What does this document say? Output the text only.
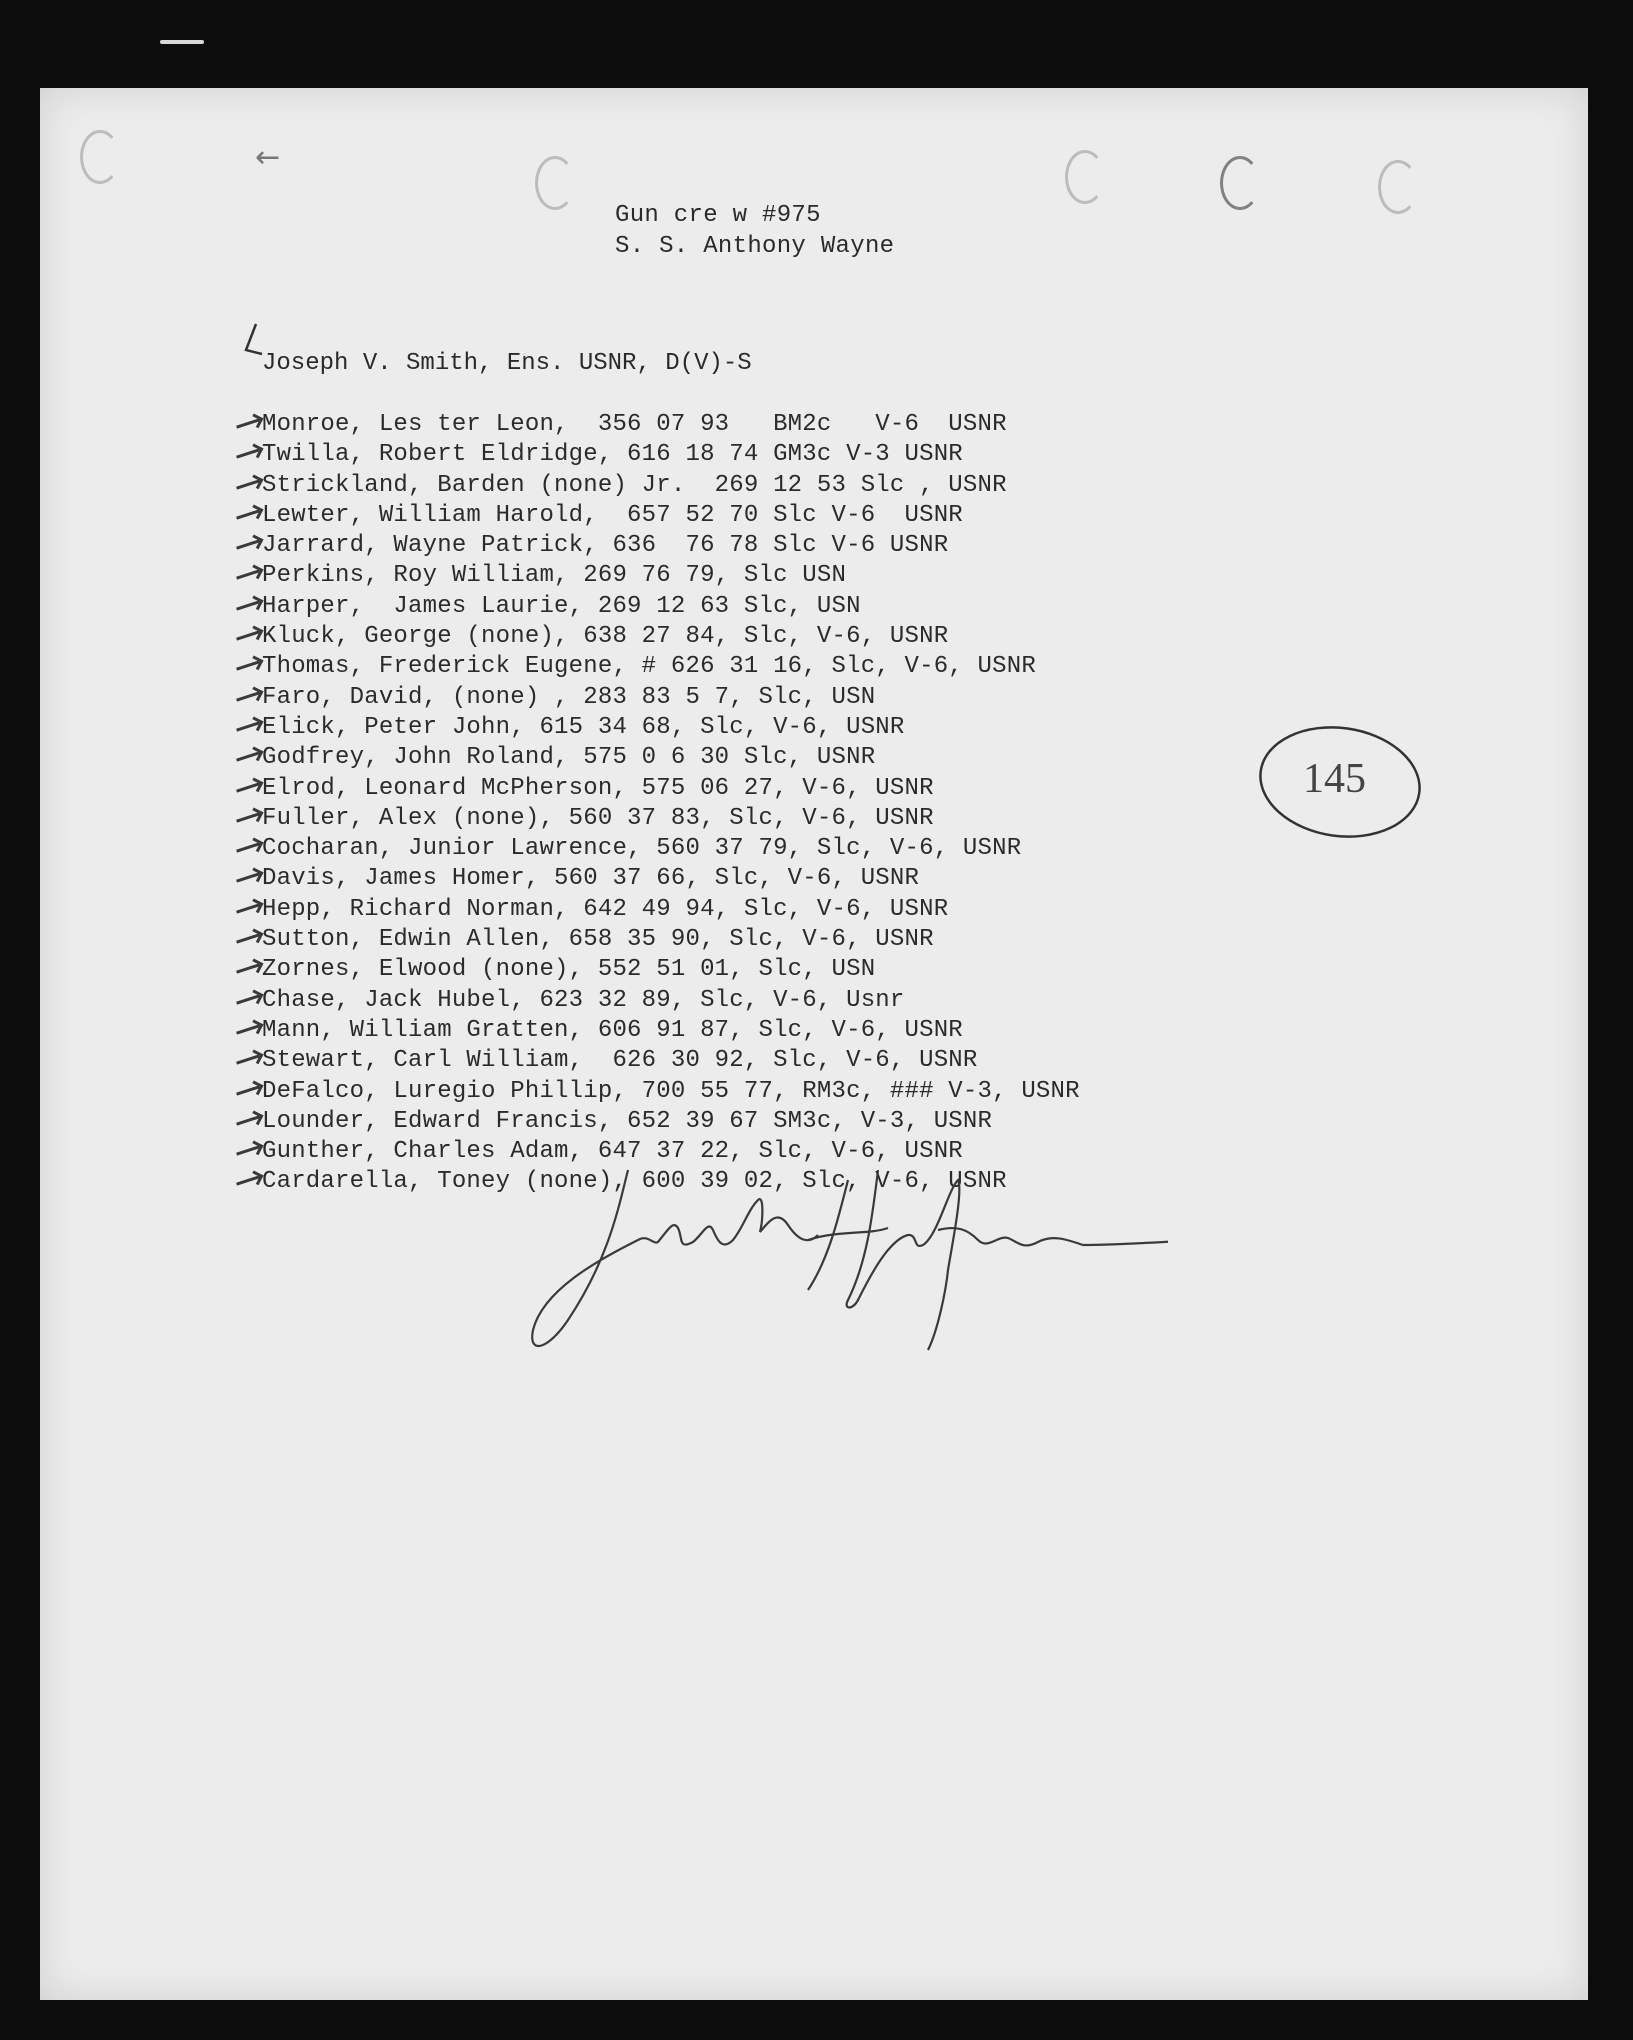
←
Gun cre w #975
S. S. Anthony Wayne
Joseph V. Smith, Ens. USNR, D(V)-S
Monroe, Les ter Leon,  356 07 93   BM2c   V-6  USNR
Twilla, Robert Eldridge, 616 18 74 GM3c V-3 USNR
Strickland, Barden (none) Jr.  269 12 53 Slc , USNR
Lewter, William Harold,  657 52 70 Slc V-6  USNR
Jarrard, Wayne Patrick, 636  76 78 Slc V-6 USNR
Perkins, Roy William, 269 76 79, Slc USN
Harper,  James Laurie, 269 12 63 Slc, USN
Kluck, George (none), 638 27 84, Slc, V-6, USNR
Thomas, Frederick Eugene, # 626 31 16, Slc, V-6, USNR
Faro, David, (none) , 283 83 5 7, Slc, USN
Elick, Peter John, 615 34 68, Slc, V-6, USNR
Godfrey, John Roland, 575 0 6 30 Slc, USNR
Elrod, Leonard McPherson, 575 06 27, V-6, USNR
Fuller, Alex (none), 560 37 83, Slc, V-6, USNR
Cocharan, Junior Lawrence, 560 37 79, Slc, V-6, USNR
Davis, James Homer, 560 37 66, Slc, V-6, USNR
Hepp, Richard Norman, 642 49 94, Slc, V-6, USNR
Sutton, Edwin Allen, 658 35 90, Slc, V-6, USNR
Zornes, Elwood (none), 552 51 01, Slc, USN
Chase, Jack Hubel, 623 32 89, Slc, V-6, Usnr
Mann, William Gratten, 606 91 87, Slc, V-6, USNR
Stewart, Carl William,  626 30 92, Slc, V-6, USNR
DeFalco, Luregio Phillip, 700 55 77, RM3c, ### V-3, USNR
Lounder, Edward Francis, 652 39 67 SM3c, V-3, USNR
Gunther, Charles Adam, 647 37 22, Slc, V-6, USNR
Cardarella, Toney (none), 600 39 02, Slc, V-6, USNR
145
